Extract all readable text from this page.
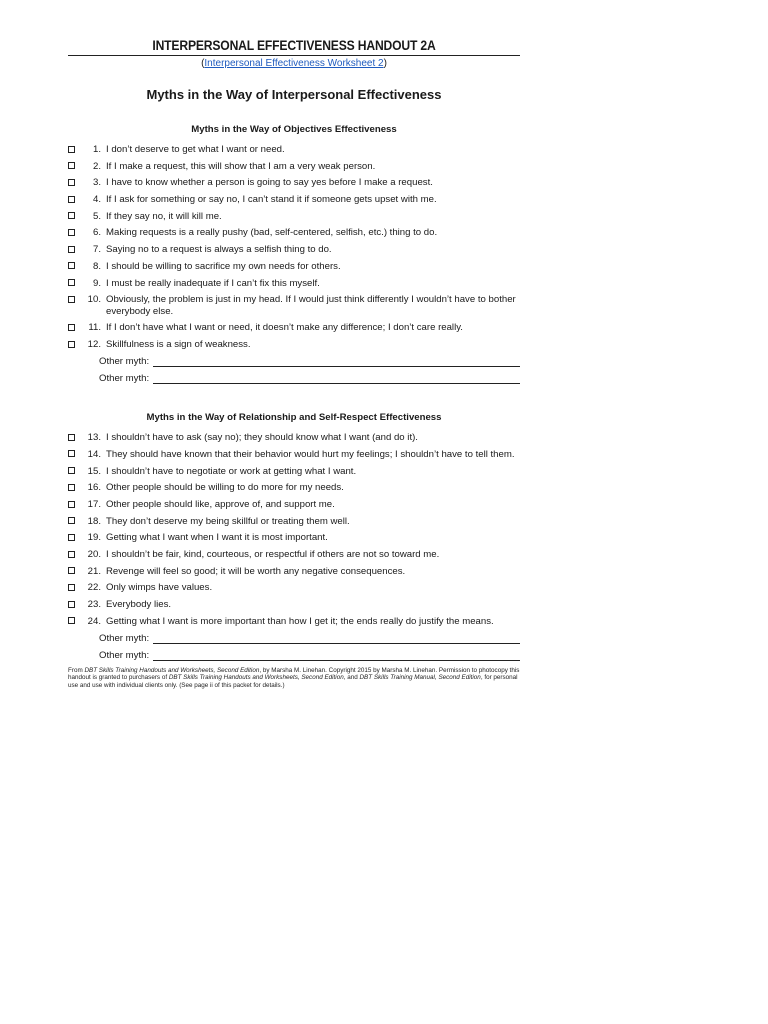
INTERPERSONAL EFFECTIVENESS HANDOUT 2A
(Interpersonal Effectiveness Worksheet 2)
Myths in the Way of Interpersonal Effectiveness
Myths in the Way of Objectives Effectiveness
1. I don’t deserve to get what I want or need.
2. If I make a request, this will show that I am a very weak person.
3. I have to know whether a person is going to say yes before I make a request.
4. If I ask for something or say no, I can’t stand it if someone gets upset with me.
5. If they say no, it will kill me.
6. Making requests is a really pushy (bad, self-centered, selfish, etc.) thing to do.
7. Saying no to a request is always a selfish thing to do.
8. I should be willing to sacrifice my own needs for others.
9. I must be really inadequate if I can’t fix this myself.
10. Obviously, the problem is just in my head. If I would just think differently I wouldn’t have to bother everybody else.
11. If I don’t have what I want or need, it doesn’t make any difference; I don’t care really.
12. Skillfulness is a sign of weakness.
Other myth:
Other myth:
Myths in the Way of Relationship and Self-Respect Effectiveness
13. I shouldn’t have to ask (say no); they should know what I want (and do it).
14. They should have known that their behavior would hurt my feelings; I shouldn’t have to tell them.
15. I shouldn’t have to negotiate or work at getting what I want.
16. Other people should be willing to do more for my needs.
17. Other people should like, approve of, and support me.
18. They don’t deserve my being skillful or treating them well.
19. Getting what I want when I want it is most important.
20. I shouldn’t be fair, kind, courteous, or respectful if others are not so toward me.
21. Revenge will feel so good; it will be worth any negative consequences.
22. Only wimps have values.
23. Everybody lies.
24. Getting what I want is more important than how I get it; the ends really do justify the means.
Other myth:
Other myth:
From DBT Skills Training Handouts and Worksheets, Second Edition, by Marsha M. Linehan. Copyright 2015 by Marsha M. Linehan. Permission to photocopy this handout is granted to purchasers of DBT Skills Training Handouts and Worksheets, Second Edition, and DBT Skills Training Manual, Second Edition, for personal use and use with individual clients only. (See page ii of this packet for details.)
